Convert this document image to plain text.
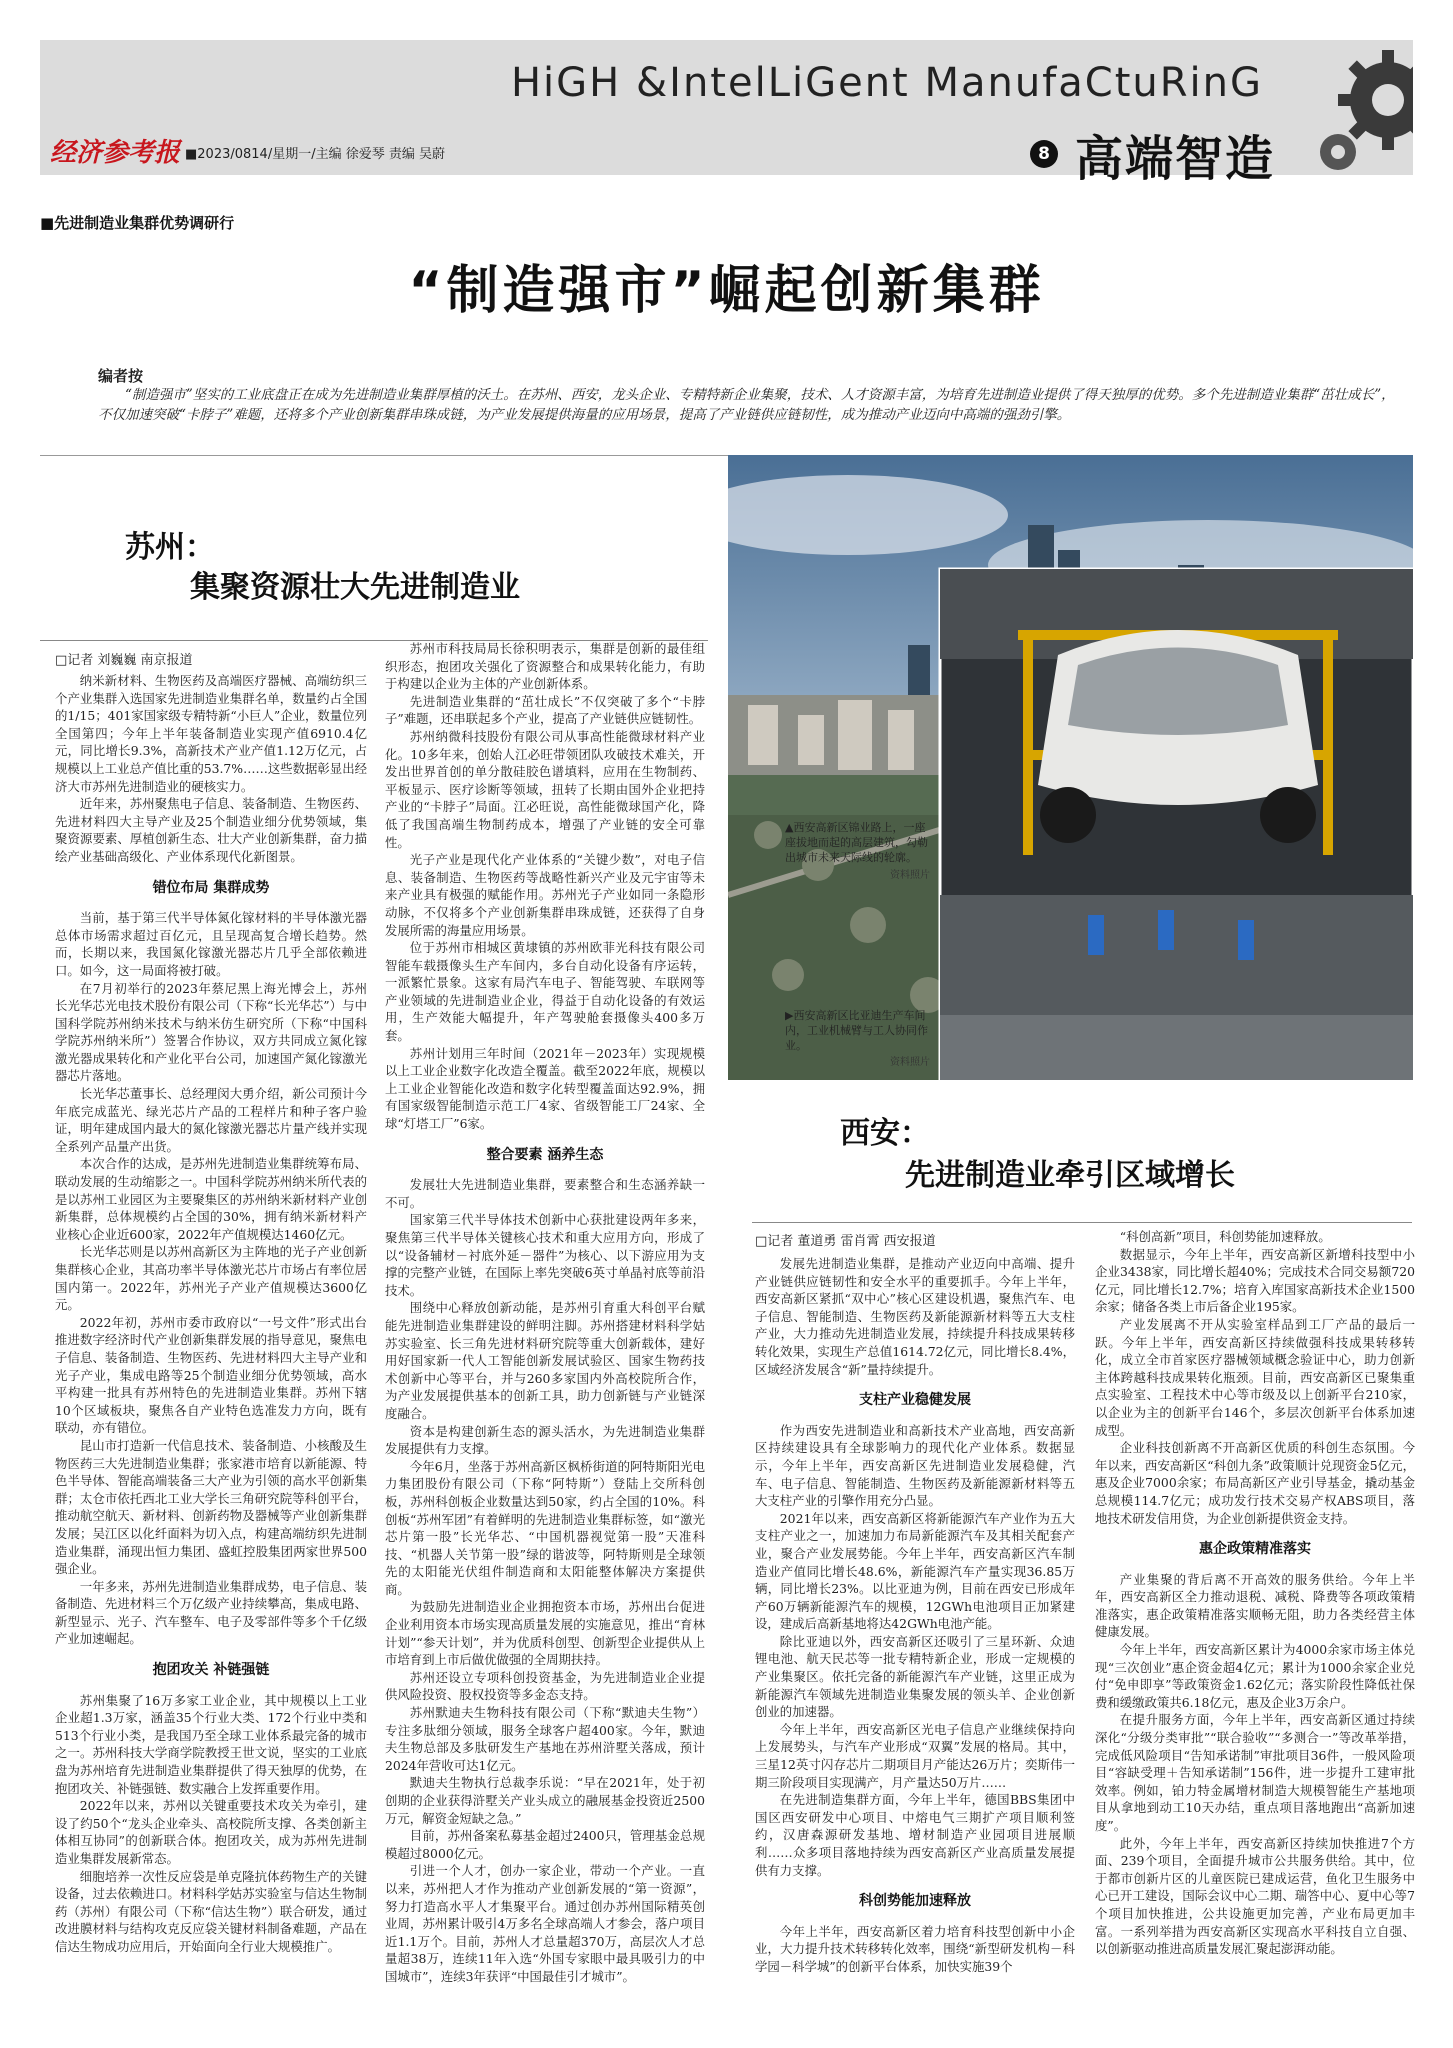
HiGH &IntelLiGent ManufaCtuRinG
经济参考报 ■2023/0814/星期一/主编 徐爱琴 责编 吴蔚	8 高端智造
■先进制造业集群优势调研行
“制造强市”崛起创新集群
编者按
“制造强市”坚实的工业底盘正在成为先进制造业集群厚植的沃土。在苏州、西安，龙头企业、专精特新企业集聚，技术、人才资源丰富，为培育先进制造业提供了得天独厚的优势。多个先进制造业集群“茁壮成长”，不仅加速突破“卡脖子”难题，还将多个产业创新集群串珠成链，为产业发展提供海量的应用场景，提高了产业链供应链韧性，成为推动产业迈向中高端的强劲引擎。
苏州：
集聚资源壮大先进制造业
□记者 刘巍巍 南京报道

纳米新材料、生物医药及高端医疗器械、高端纺织三个产业集群入选国家先进制造业集群名单，数量约占全国的1/15；401家国家级专精特新“小巨人”企业，数量位列全国第四；今年上半年装备制造业实现产值6910.4亿元，同比增长9.3%，高新技术产业产值1.12万亿元，占规模以上工业总产值比重的53.7%……这些数据彰显出经济大市苏州先进制造业的硬核实力。

近年来，苏州聚焦电子信息、装备制造、生物医药、先进材料四大主导产业及25个制造业细分优势领域，集聚资源要素、厚植创新生态、壮大产业创新集群，奋力描绘产业基础高级化、产业体系现代化新图景。

错位布局 集群成势

当前，基于第三代半导体氮化镓材料的半导体激光器总体市场需求超过百亿元，且呈现高复合增长趋势。然而，长期以来，我国氮化镓激光器芯片几乎全部依赖进口。如今，这一局面将被打破。

在7月初举行的2023年蔡尼黑上海光博会上，苏州长光华芯光电技术股份有限公司（下称“长光华芯”）与中国科学院苏州纳米技术与纳米仿生研究所（下称“中国科学院苏州纳米所”）签署合作协议，双方共同成立氮化镓激光器成果转化和产业化平台公司，加速国产氮化镓激光器芯片落地。

长光华芯董事长、总经理闵大勇介绍，新公司预计今年底完成蓝光、绿光芯片产品的工程样片和种子客户验证，明年建成国内最大的氮化镓激光器芯片量产线并实现全系列产品量产出货。

本次合作的达成，是苏州先进制造业集群统筹布局、联动发展的生动缩影之一。中国科学院苏州纳米所代表的是以苏州工业园区为主要聚集区的苏州纳米新材料产业创新集群，总体规模约占全国的30%，拥有纳米新材料产业核心企业近600家，2022年产值规模达1460亿元。

长光华芯则是以苏州高新区为主阵地的光子产业创新集群核心企业，其高功率半导体激光芯片市场占有率位居国内第一。2022年，苏州光子产业产值规模达3600亿元。

2022年初，苏州市委市政府以“一号文件”形式出台推进数字经济时代产业创新集群发展的指导意见，聚焦电子信息、装备制造、生物医药、先进材料四大主导产业和光子产业，集成电路等25个制造业细分优势领域，高水平构建一批具有苏州特色的先进制造业集群。苏州下辖10个区域板块，聚焦各自产业特色选准发力方向，既有联动，亦有错位。

昆山市打造新一代信息技术、装备制造、小核酸及生物医药三大先进制造业集群；张家港市培育以新能源、特色半导体、智能高端装备三大产业为引领的高水平创新集群；太仓市依托西北工业大学长三角研究院等科创平台，推动航空航天、新材料、创新药物及器械等产业创新集群发展；吴江区以化纤面料为切入点，构建高端纺织先进制造业集群，涌现出恒力集团、盛虹控股集团两家世界500强企业。

一年多来，苏州先进制造业集群成势，电子信息、装备制造、先进材料三个万亿级产业持续攀高，集成电路、新型显示、光子、汽车整车、电子及零部件等多个千亿级产业加速崛起。

抱团攻关 补链强链

苏州集聚了16万多家工业企业，其中规模以上工业企业超1.3万家，涵盖35个行业大类、172个行业中类和513个行业小类，是我国乃至全球工业体系最完备的城市之一。苏州科技大学商学院教授王世文说，坚实的工业底盘为苏州培育先进制造业集群提供了得天独厚的优势，在抱团攻关、补链强链、数实融合上发挥重要作用。

2022年以来，苏州以关键重要技术攻关为牵引，建设了约50个“龙头企业牵头、高校院所支撑、各类创新主体相互协同”的创新联合体。抱团攻关，成为苏州先进制造业集群发展新常态。

细胞培养一次性反应袋是单克隆抗体药物生产的关键设备，过去依赖进口。材料科学姑苏实验室与信达生物制药（苏州）有限公司（下称“信达生物”）联合研发，通过改进膜材料与结构攻克反应袋关键材料制备难题，产品在信达生物成功应用后，开始面向全行业大规模推广。

苏州市科技局局长徐积明表示，集群是创新的最佳组织形态，抱团攻关强化了资源整合和成果转化能力，有助于构建以企业为主体的产业创新体系。

先进制造业集群的“茁壮成长”不仅突破了多个“卡脖子”难题，还串联起多个产业，提高了产业链供应链韧性。

苏州纳微科技股份有限公司从事高性能微球材料产业化。10多年来，创始人江必旺带领团队攻破技术难关，开发出世界首创的单分散硅胶色谱填料，应用在生物制药、平板显示、医疗诊断等领域，扭转了长期由国外企业把持产业的“卡脖子”局面。江必旺说，高性能微球国产化，降低了我国高端生物制药成本，增强了产业链的安全可靠性。

光子产业是现代化产业体系的“关键少数”，对电子信息、装备制造、生物医药等战略性新兴产业及元宇宙等未来产业具有极强的赋能作用。苏州光子产业如同一条隐形动脉，不仅将多个产业创新集群串珠成链，还获得了自身发展所需的海量应用场景。

位于苏州市相城区黄埭镇的苏州欧菲光科技有限公司智能车载摄像头生产车间内，多台自动化设备有序运转，一派繁忙景象。这家有局汽车电子、智能驾驶、车联网等产业领域的先进制造业企业，得益于自动化设备的有效运用，生产效能大幅提升，年产驾驶舱套摄像头400多万套。

苏州计划用三年时间（2021年－2023年）实现规模以上工业企业数字化改造全覆盖。截至2022年底，规模以上工业企业智能化改造和数字化转型覆盖面达92.9%，拥有国家级智能制造示范工厂4家、省级智能工厂24家、全球“灯塔工厂”6家。

整合要素 涵养生态

发展壮大先进制造业集群，要素整合和生态涵养缺一不可。

国家第三代半导体技术创新中心获批建设两年多来，聚焦第三代半导体关键核心技术和重大应用方向，形成了以“设备辅材－衬底外延－器件”为核心、以下游应用为支撑的完整产业链，在国际上率先突破6英寸单晶衬底等前沿技术。

围绕中心释放创新动能，是苏州引育重大科创平台赋能先进制造业集群建设的鲜明注脚。苏州搭建材料科学姑苏实验室、长三角先进材料研究院等重大创新载体，建好用好国家新一代人工智能创新发展试验区、国家生物药技术创新中心等平台，并与260多家国内外高校院所合作，为产业发展提供基本的创新工具，助力创新链与产业链深度融合。

资本是构建创新生态的源头活水，为先进制造业集群发展提供有力支撑。

今年6月，坐落于苏州高新区枫桥街道的阿特斯阳光电力集团股份有限公司（下称“阿特斯”）登陆上交所科创板，苏州科创板企业数量达到50家，约占全国的10%。科创板“苏州军团”有着鲜明的先进制造业集群标签，如“激光芯片第一股”长光华芯、“中国机器视觉第一股”天准科技、“机器人关节第一股”绿的谐波等，阿特斯则是全球领先的太阳能光伏组件制造商和太阳能整体解决方案提供商。

为鼓励先进制造业企业拥抱资本市场，苏州出台促进企业利用资本市场实现高质量发展的实施意见，推出“育林计划”“参天计划”，并为优质科创型、创新型企业提供从上市培育到上市后做优做强的全周期扶持。

苏州还设立专项科创投资基金，为先进制造业企业提供风险投资、股权投资等多金态支持。

苏州默迪夫生物科技有限公司（下称“默迪夫生物”）专注多肽细分领域，服务全球客户超400家。今年，默迪夫生物总部及多肽研发生产基地在苏州浒墅关落成，预计2024年营收可达1亿元。

默迪夫生物执行总裁李乐说：“早在2021年，处于初创期的企业获得浒墅关产业头成立的融展基金投资近2500万元，解资金短缺之急。”

目前，苏州备案私募基金超过2400只，管理基金总规模超过8000亿元。

引进一个人才，创办一家企业，带动一个产业。一直以来，苏州把人才作为推动产业创新发展的“第一资源”，努力打造高水平人才集聚平台。通过创办苏州国际精英创业周，苏州累计吸引4万多名全球高端人才参会，落户项目近1.1万个。目前，苏州人才总量超370万，高层次人才总量超38万，连续11年入选“外国专家眼中最具吸引力的中国城市”，连续3年获评“中国最佳引才城市”。

▲西安高新区锦业路上，一座座拔地而起的高层建筑，勾勒出城市未来天际线的轮廓。
资料照片
▶西安高新区比亚迪生产车间内，工业机械臂与工人协同作业。
资料照片
西安：
先进制造业牵引区域增长
□记者 董道勇 雷肖霄 西安报道

发展先进制造业集群，是推动产业迈向中高端、提升产业链供应链韧性和安全水平的重要抓手。今年上半年，西安高新区紧抓“双中心”核心区建设机遇，聚焦汽车、电子信息、智能制造、生物医药及新能源新材料等五大支柱产业，大力推动先进制造业发展，持续提升科技成果转移转化效果，实现生产总值1614.72亿元，同比增长8.4%，区域经济发展含“新”量持续提升。

支柱产业稳健发展

作为西安先进制造业和高新技术产业高地，西安高新区持续建设具有全球影响力的现代化产业体系。数据显示，今年上半年，西安高新区先进制造业发展稳健，汽车、电子信息、智能制造、生物医药及新能源新材料等五大支柱产业的引擎作用充分凸显。

2021年以来，西安高新区将新能源汽车产业作为五大支柱产业之一，加速加力布局新能源汽车及其相关配套产业，聚合产业发展势能。今年上半年，西安高新区汽车制造业产值同比增长48.6%，新能源汽车产量实现36.85万辆，同比增长23%。以比亚迪为例，目前在西安已形成年产60万辆新能源汽车的规模，12GWh电池项目正加紧建设，建成后高新基地将达42GWh电池产能。

除比亚迪以外，西安高新区还吸引了三星环新、众迪锂电池、航天民芯等一批专精特新企业，形成一定规模的产业集聚区。依托完备的新能源汽车产业链，这里正成为新能源汽车领域先进制造业集聚发展的领头羊、企业创新创业的加速器。

今年上半年，西安高新区光电子信息产业继续保持向上发展势头，与汽车产业形成“双翼”发展的格局。其中，三星12英寸闪存芯片二期项目月产能达26万片；奕斯伟一期三阶段项目实现满产，月产量达50万片……

在先进制造集群方面，今年上半年，德国BBS集团中国区西安研发中心项目、中熔电气三期扩产项目顺利签约，汉唐森源研发基地、增材制造产业园项目进展顺利……众多项目落地持续为西安高新区产业高质量发展提供有力支撑。

科创势能加速释放

今年上半年，西安高新区着力培育科技型创新中小企业，大力提升技术转移转化效率，围绕“新型研发机构－科学园－科学城”的创新平台体系，加快实施39个

“科创高新”项目，科创势能加速释放。

数据显示，今年上半年，西安高新区新增科技型中小企业3438家，同比增长超40%；完成技术合同交易额720亿元，同比增长12.7%；培育入库国家高新技术企业1500余家；储备各类上市后备企业195家。

产业发展离不开从实验室样品到工厂产品的最后一跃。今年上半年，西安高新区持续做强科技成果转移转化，成立全市首家医疗器械领域概念验证中心，助力创新主体跨越科技成果转化瓶颈。目前，西安高新区已聚集重点实验室、工程技术中心等市级及以上创新平台210家，以企业为主的创新平台146个，多层次创新平台体系加速成型。

企业科技创新离不开高新区优质的科创生态氛围。今年以来，西安高新区“科创九条”政策顺计兑现资金5亿元，惠及企业7000余家；布局高新区产业引导基金，撬动基金总规模114.7亿元；成功发行技术交易产权ABS项目，落地技术研发信用贷，为企业创新提供资金支持。

惠企政策精准落实

产业集聚的背后离不开高效的服务供给。今年上半年，西安高新区全力推动退税、减税、降费等各项政策精准落实，惠企政策精准落实顺畅无阻，助力各类经营主体健康发展。

今年上半年，西安高新区累计为4000余家市场主体兑现“三次创业”惠企资金超4亿元；累计为1000余家企业兑付“免申即享”等政策资金1.62亿元；落实阶段性降低社保费和缓缴政策共6.18亿元，惠及企业3万余户。

在提升服务方面，今年上半年，西安高新区通过持续深化“分级分类审批”“联合验收”“多测合一”等改革举措，完成低风险项目“告知承诺制”审批项目36件，一般风险项目“容缺受理＋告知承诺制”156件，进一步提升工建审批效率。例如，铂力特金属增材制造大规模智能生产基地项目从拿地到动工10天办结，重点项目落地跑出“高新加速度”。

此外，今年上半年，西安高新区持续加快推进7个方面、239个项目，全面提升城市公共服务供给。其中，位于都市创新片区的儿童医院已建成运营，鱼化卫生服务中心已开工建设，国际会议中心二期、瑞答中心、夏中心等7个项目加快推进，公共设施更加完善，产业布局更加丰富。一系列举措为西安高新区实现高水平科技自立自强、以创新驱动推进高质量发展汇聚起澎湃动能。
